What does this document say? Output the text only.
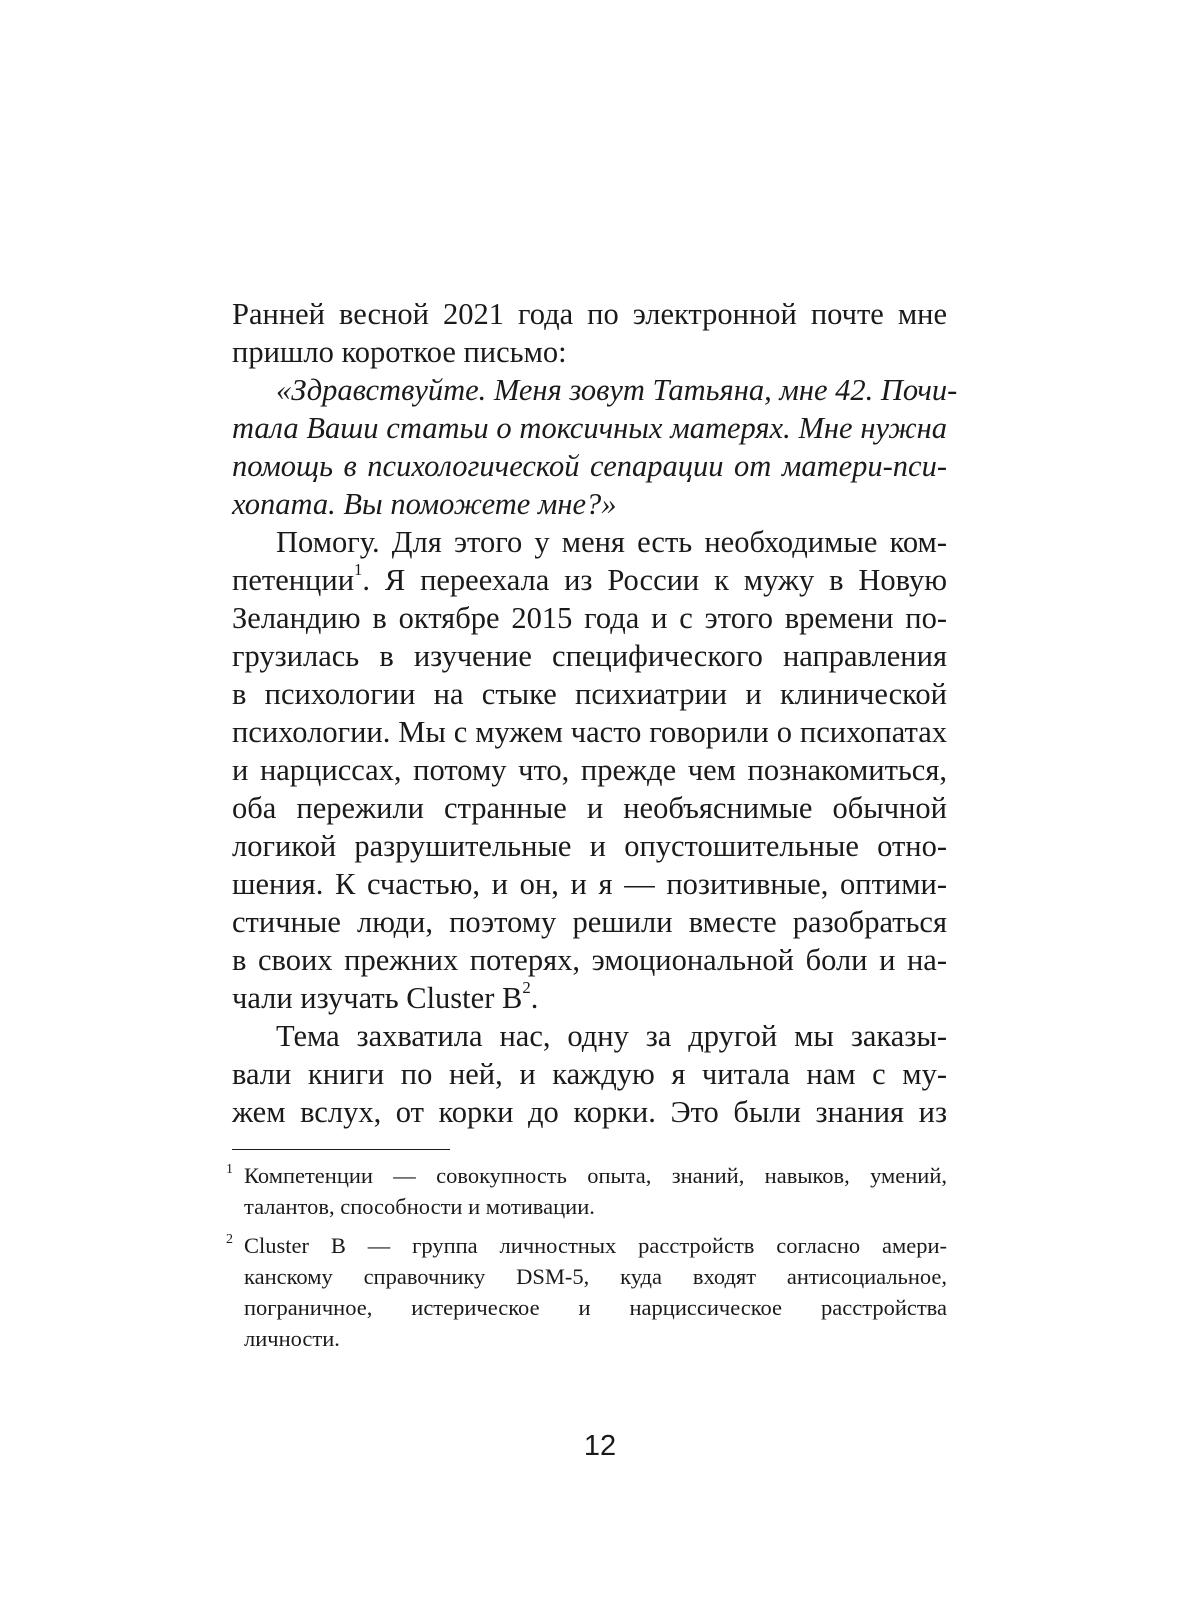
Ранней весной 2021 года по электронной почте мне
пришло короткое письмо:
«Здравствуйте. Меня зовут Татьяна, мне 42. Почи-
тала Ваши статьи о токсичных матерях. Мне нужна
помощь в психологической сепарации от матери-пси-
хопата. Вы поможете мне?»
Помогу. Для этого у меня есть необходимые ком-
петенции$^1$. Я переехала из России к мужу в Новую
Зеландию в октябре 2015 года и с этого времени по-
грузилась в изучение специфического направления
в психологии на стыке психиатрии и клинической
психологии. Мы с мужем часто говорили о психопатах
и нарциссах, потому что, прежде чем познакомиться,
оба пережили странные и необъяснимые обычной
логикой разрушительные и опустошительные отно-
шения. К счастью, и он, и я — позитивные, оптими-
стичные люди, поэтому решили вместе разобраться
в своих прежних потерях, эмоциональной боли и на-
чали изучать Cluster B$^2$.
Тема захватила нас, одну за другой мы заказы-
вали книги по ней, и каждую я читала нам с му-
жем вслух, от корки до корки. Это были знания из
1 Компетенции — совокупность опыта, знаний, навыков, умений,
талантов, способности и мотивации.
2 Cluster B — группа личностных расстройств согласно амери-
канскому справочнику DSM-5, куда входят антисоциальное,
пограничное, истерическое и нарциссическое расстройства
личности.
12
